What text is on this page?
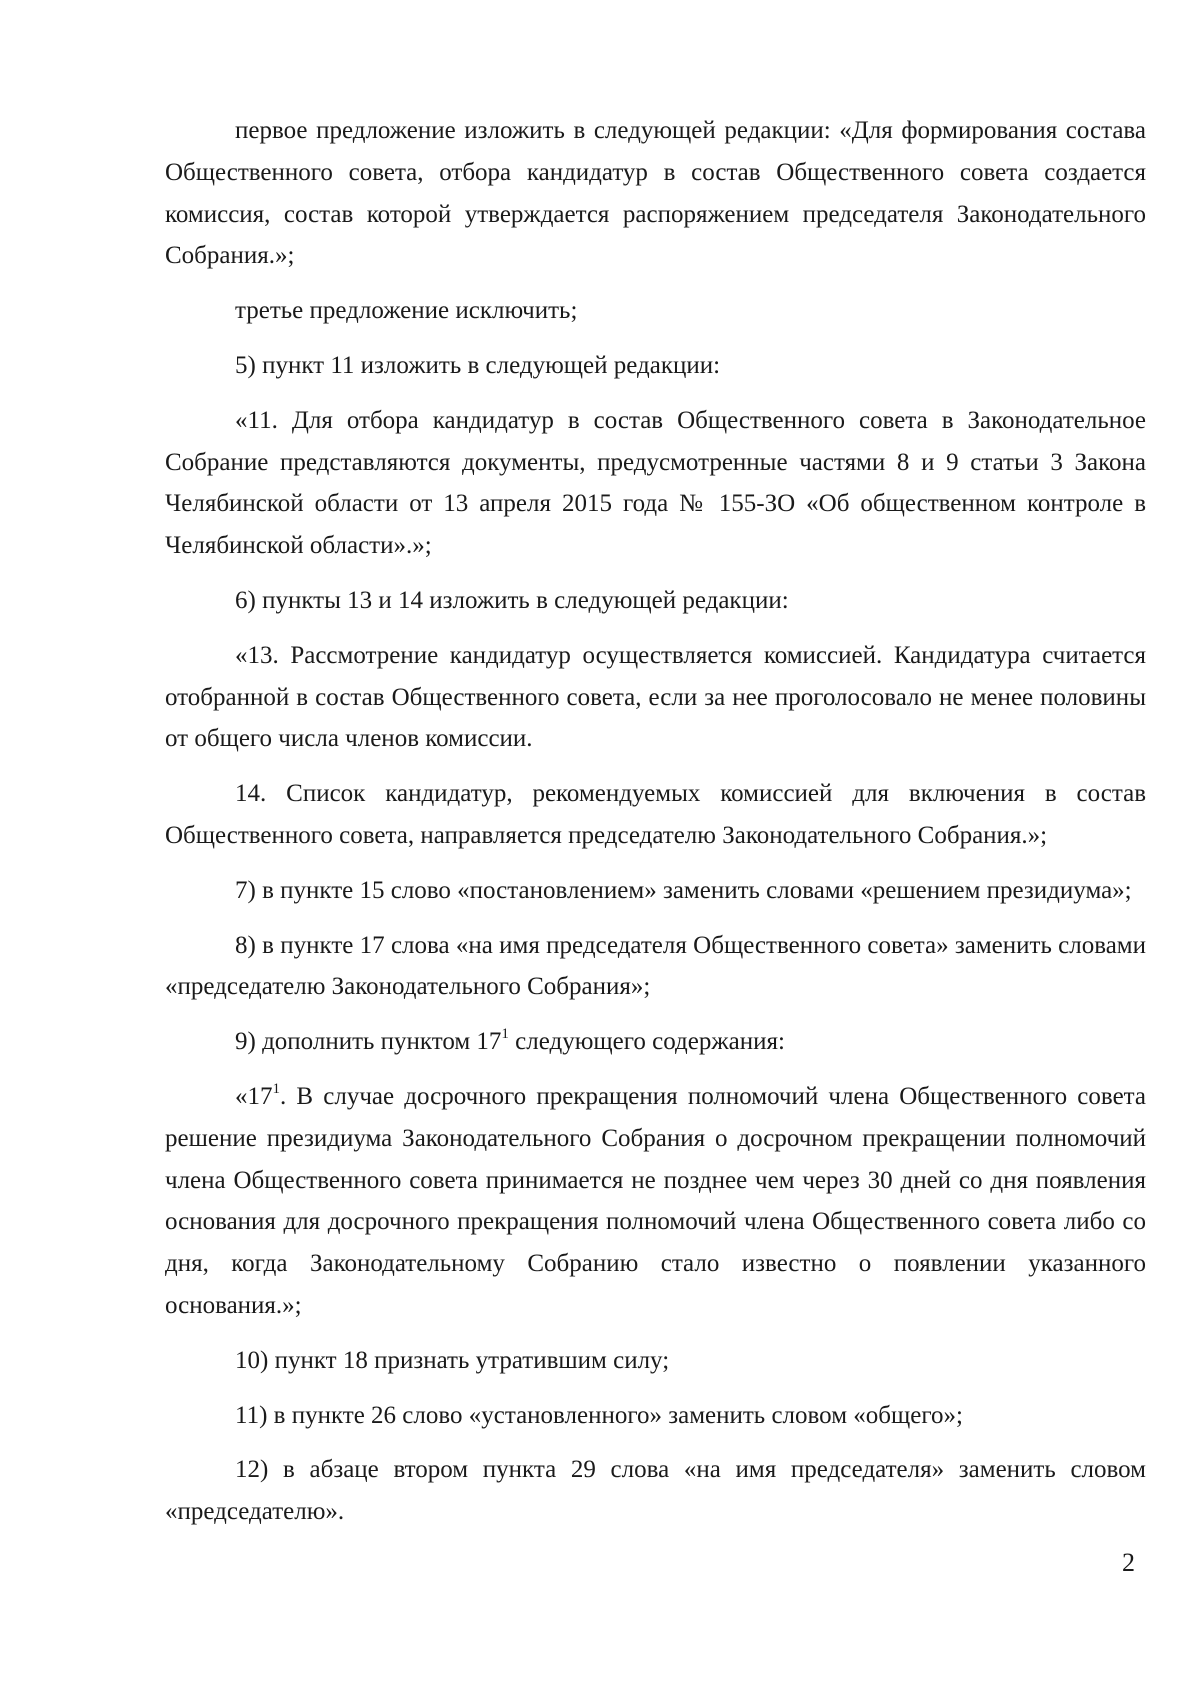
первое предложение изложить в следующей редакции: «Для формирования состава Общественного совета, отбора кандидатур в состав Общественного совета создается комиссия, состав которой утверждается распоряжением председателя Законодательного Собрания.»;

третье предложение исключить;

5) пункт 11 изложить в следующей редакции:

«11. Для отбора кандидатур в состав Общественного совета в Законодательное Собрание представляются документы, предусмотренные частями 8 и 9 статьи 3 Закона Челябинской области от 13 апреля 2015 года № 155-ЗО «Об общественном контроле в Челябинской области».»;

6) пункты 13 и 14 изложить в следующей редакции:

«13. Рассмотрение кандидатур осуществляется комиссией. Кандидатура считается отобранной в состав Общественного совета, если за нее проголосовало не менее половины от общего числа членов комиссии.

14. Список кандидатур, рекомендуемых комиссией для включения в состав Общественного совета, направляется председателю Законодательного Собрания.»;

7) в пункте 15 слово «постановлением» заменить словами «решением президиума»;

8) в пункте 17 слова «на имя председателя Общественного совета» заменить словами «председателю Законодательного Собрания»;

9) дополнить пунктом $17^1$ следующего содержания:

«$17^1$. В случае досрочного прекращения полномочий члена Общественного совета решение президиума Законодательного Собрания о досрочном прекращении полномочий члена Общественного совета принимается не позднее чем через 30 дней со дня появления основания для досрочного прекращения полномочий члена Общественного совета либо со дня, когда Законодательному Собранию стало известно о появлении указанного основания.»;

10) пункт 18 признать утратившим силу;

11) в пункте 26 слово «установленного» заменить словом «общего»;

12) в абзаце втором пункта 29 слова «на имя председателя» заменить словом «председателю».

2
